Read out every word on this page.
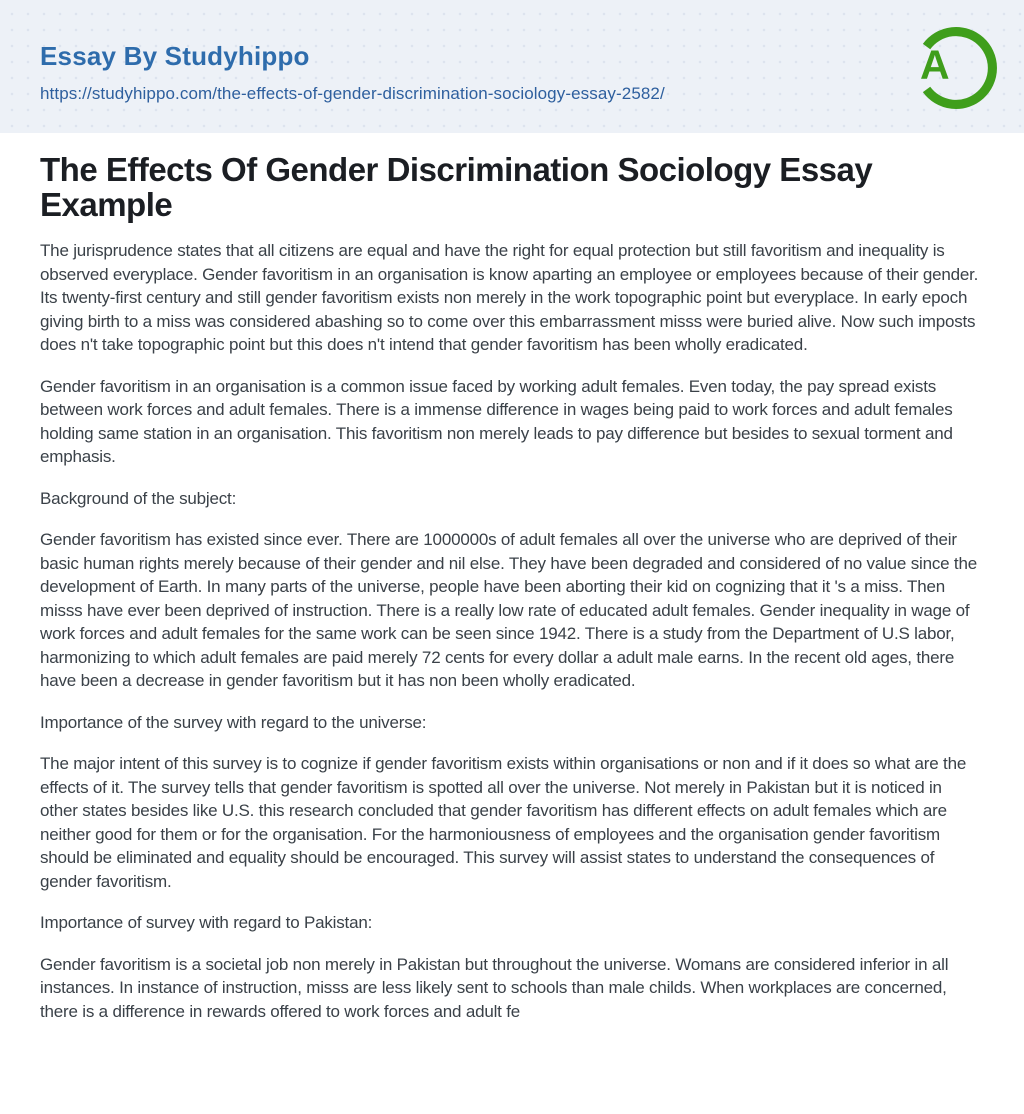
Essay By Studyhippo
https://studyhippo.com/the-effects-of-gender-discrimination-sociology-essay-2582/
A
The Effects Of Gender Discrimination Sociology Essay Example

The jurisprudence states that all citizens are equal and have the right for equal protection but still favoritism and inequality is observed everyplace. Gender favoritism in an organisation is know aparting an employee or employees because of their gender. Its twenty-first century and still gender favoritism exists non merely in the work topographic point but everyplace. In early epoch giving birth to a miss was considered abashing so to come over this embarrassment misss were buried alive. Now such imposts does n't take topographic point but this does n't intend that gender favoritism has been wholly eradicated.

Gender favoritism in an organisation is a common issue faced by working adult females. Even today, the pay spread exists between work forces and adult females. There is a immense difference in wages being paid to work forces and adult females holding same station in an organisation. This favoritism non merely leads to pay difference but besides to sexual torment and emphasis.

Background of the subject:

Gender favoritism has existed since ever. There are 1000000s of adult females all over the universe who are deprived of their basic human rights merely because of their gender and nil else. They have been degraded and considered of no value since the development of Earth. In many parts of the universe, people have been aborting their kid on cognizing that it 's a miss. Then misss have ever been deprived of instruction. There is a really low rate of educated adult females. Gender inequality in wage of work forces and adult females for the same work can be seen since 1942. There is a study from the Department of U.S labor, harmonizing to which adult females are paid merely 72 cents for every dollar a adult male earns. In the recent old ages, there have been a decrease in gender favoritism but it has non been wholly eradicated.

Importance of the survey with regard to the universe:

The major intent of this survey is to cognize if gender favoritism exists within organisations or non and if it does so what are the effects of it. The survey tells that gender favoritism is spotted all over the universe. Not merely in Pakistan but it is noticed in other states besides like U.S. this research concluded that gender favoritism has different effects on adult females which are neither good for them or for the organisation. For the harmoniousness of employees and the organisation gender favoritism should be eliminated and equality should be encouraged. This survey will assist states to understand the consequences of gender favoritism.

Importance of survey with regard to Pakistan:

Gender favoritism is a societal job non merely in Pakistan but throughout the universe. Womans are considered inferior in all instances. In instance of instruction, misss are less likely sent to schools than male childs. When workplaces are concerned, there is a difference in rewards offered to work forces and adult fe
